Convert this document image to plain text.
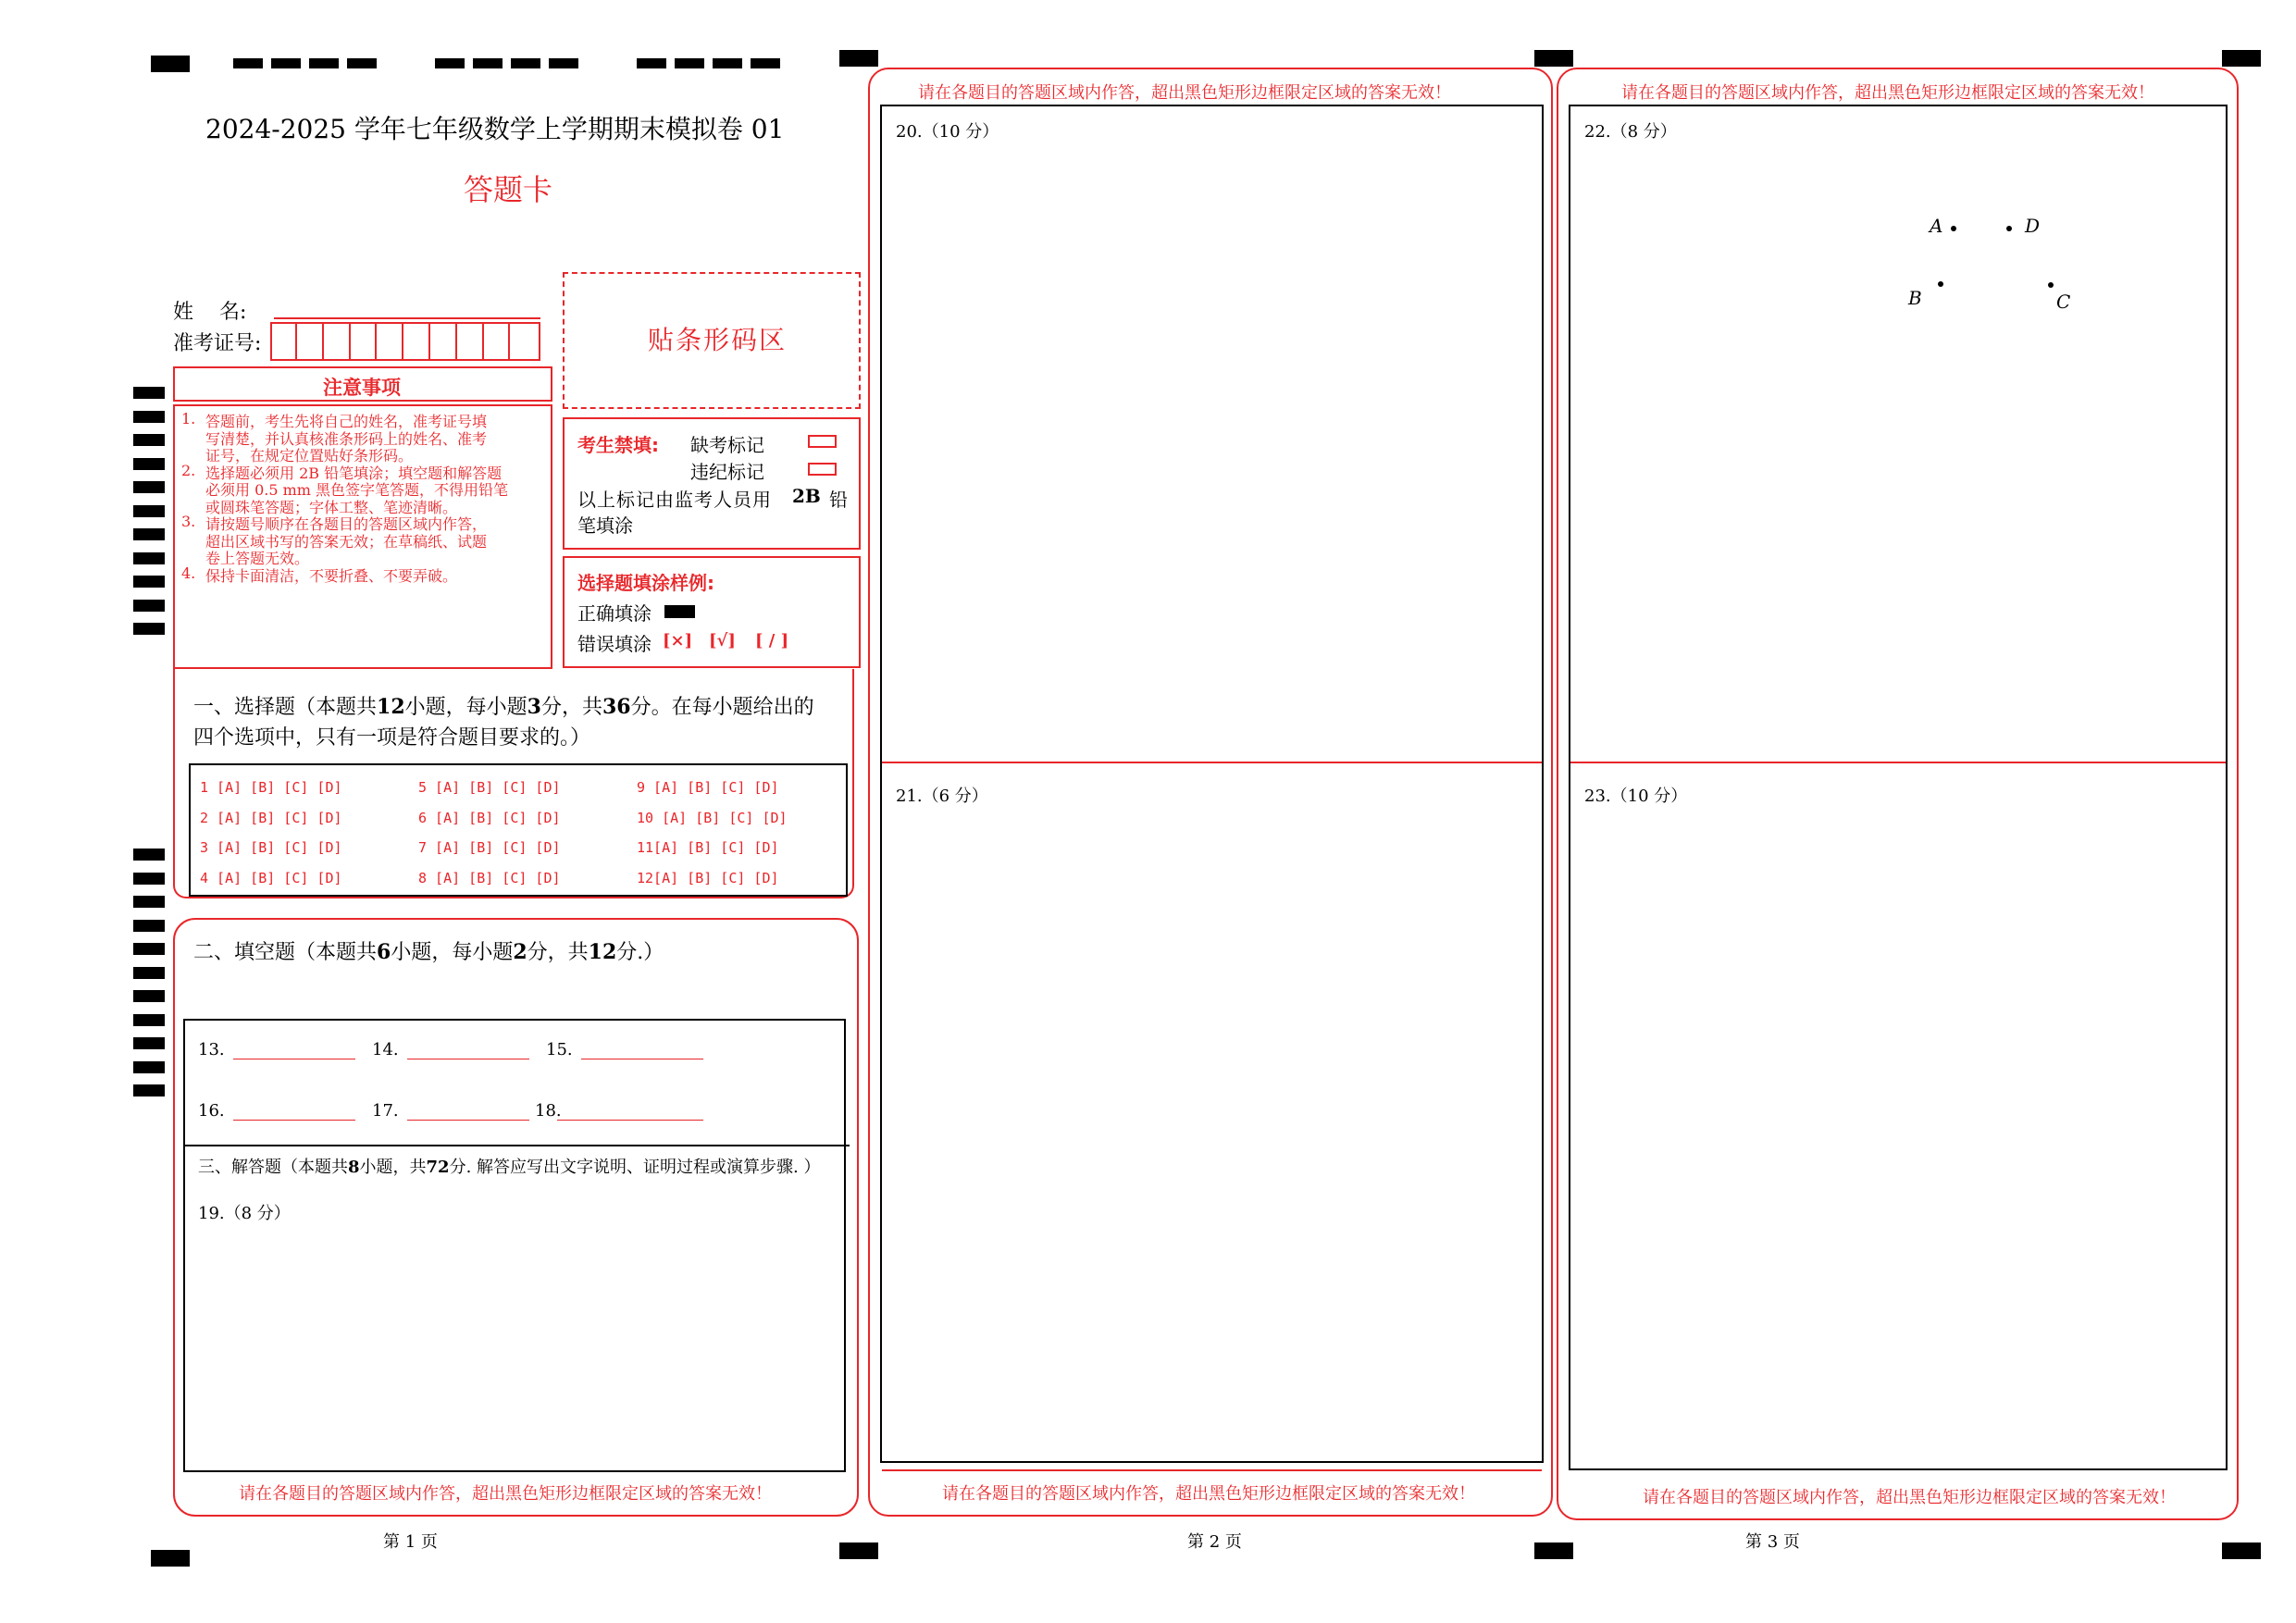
2024-2025 学年七年级数学上学期期末模拟卷 01
答题卡
姓    名:
准考证号:	贴条形码区
注意事项
1. 答题前，考生先将自己的姓名，准考证号填
写清楚，并认真核准条形码上的姓名、准考
证号，在规定位置贴好条形码。
2. 选择题必须用 2B 铅笔填涂；填空题和解答题
必须用 0.5 mm 黑色签字笔答题，不得用铅笔
或圆珠笔答题；字体工整、笔迹清晰。
3. 请按题号顺序在各题目的答题区域内作答，
超出区域书写的答案无效；在草稿纸、试题
卷上答题无效。
4. 保持卡面清洁，不要折叠、不要弄破。
考生禁填: 缺考标记
违纪标记
以上标记由监考人员用 2B 铅
笔填涂
选择题填涂样例:
正确填涂
错误填涂 [×] [√] [ / ]
一、选择题（本题共12小题，每小题3分，共36分。在每小题给出的
四个选项中，只有一项是符合题目要求的。）
1 [A] [B] [C] [D]	5 [A] [B] [C] [D]	9 [A] [B] [C] [D]
2 [A] [B] [C] [D]	6 [A] [B] [C] [D]	10 [A] [B] [C] [D]
3 [A] [B] [C] [D]	7 [A] [B] [C] [D]	11[A] [B] [C] [D]
4 [A] [B] [C] [D]	8 [A] [B] [C] [D]	12[A] [B] [C] [D]
二、填空题（本题共6小题，每小题2分，共12分.）
13.	14.	15.
16.	17.	18.
三、解答题（本题共8小题，共72分. 解答应写出文字说明、证明过程或演算步骤. ）
19.（8 分）
请在各题目的答题区域内作答，超出黑色矩形边框限定区域的答案无效！
第 1 页
请在各题目的答题区域内作答，超出黑色矩形边框限定区域的答案无效！
20.（10 分）
21.（6 分）
请在各题目的答题区域内作答，超出黑色矩形边框限定区域的答案无效！
第 2 页
请在各题目的答题区域内作答，超出黑色矩形边框限定区域的答案无效！
22.（8 分）
A	D
B	C
23.（10 分）
请在各题目的答题区域内作答，超出黑色矩形边框限定区域的答案无效！
第 3 页
